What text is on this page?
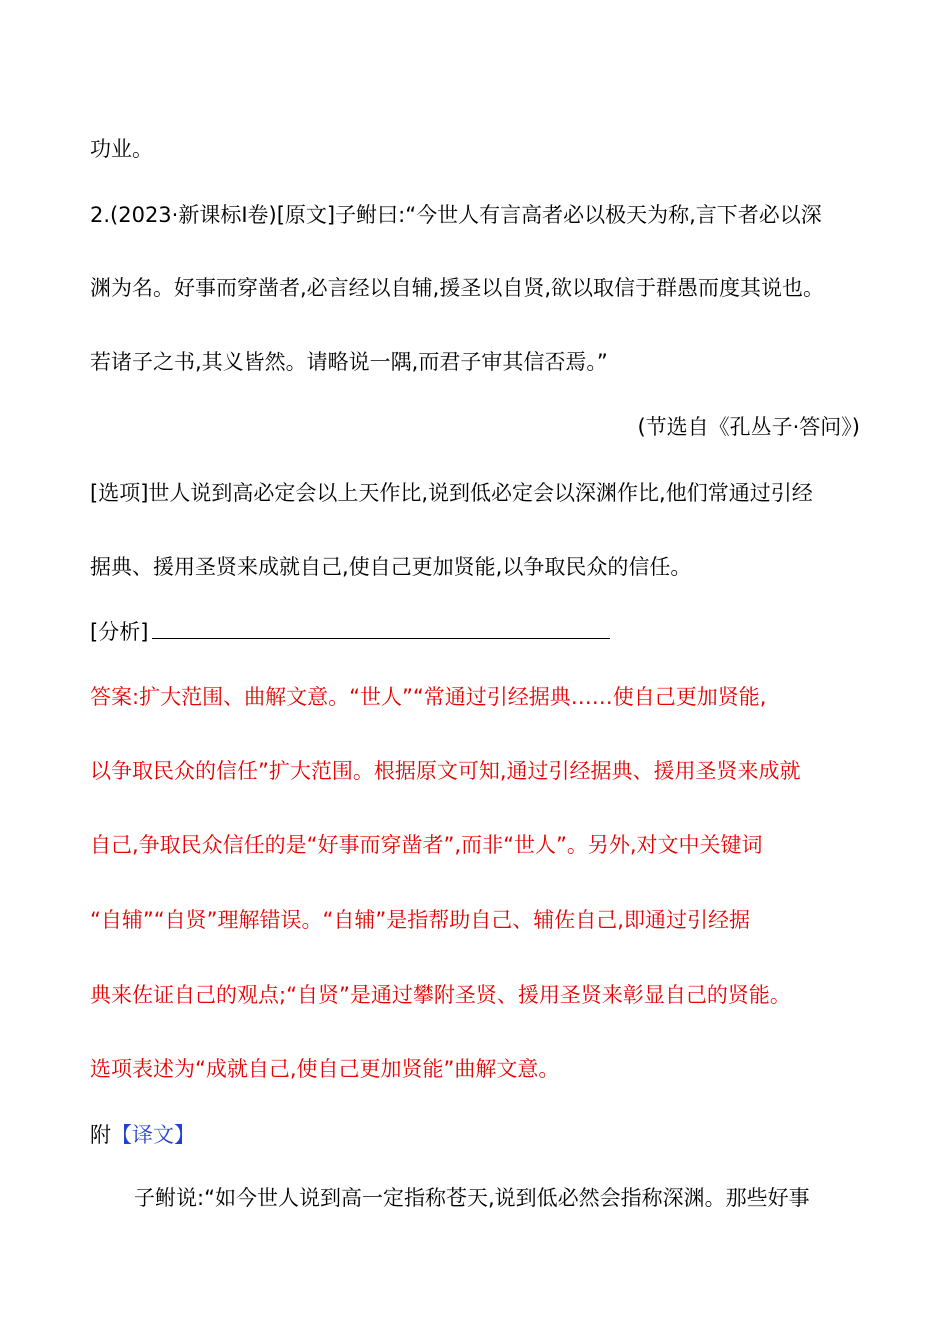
功业。
2.(2023·新课标Ⅰ卷)[原文]子鲋曰:“今世人有言高者必以极天为称,言下者必以深
渊为名。好事而穿凿者,必言经以自辅,援圣以自贤,欲以取信于群愚而度其说也。
若诸子之书,其义皆然。请略说一隅,而君子审其信否焉。”
(节选自《孔丛子·答问》)
[选项]世人说到高必定会以上天作比,说到低必定会以深渊作比,他们常通过引经
据典、援用圣贤来成就自己,使自己更加贤能,以争取民众的信任。
[分析]
答案:扩大范围、曲解文意。“世人”“常通过引经据典……使自己更加贤能,
以争取民众的信任”扩大范围。根据原文可知,通过引经据典、援用圣贤来成就
自己,争取民众信任的是“好事而穿凿者”,而非“世人”。另外,对文中关键词
“自辅”“自贤”理解错误。“自辅”是指帮助自己、辅佐自己,即通过引经据
典来佐证自己的观点;“自贤”是通过攀附圣贤、援用圣贤来彰显自己的贤能。
选项表述为“成就自己,使自己更加贤能”曲解文意。
附【译文】
子鲋说:“如今世人说到高一定指称苍天,说到低必然会指称深渊。那些好事
